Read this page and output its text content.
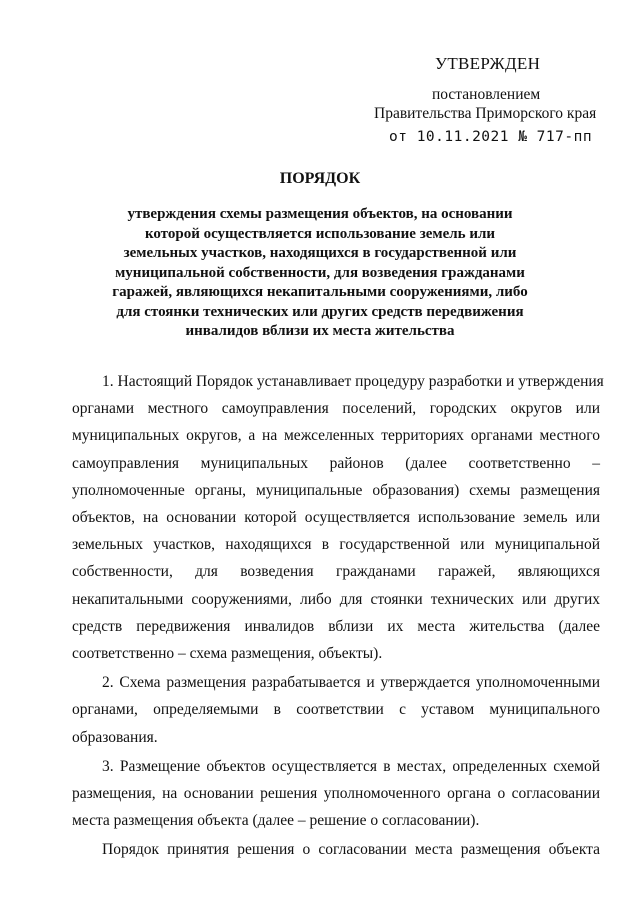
УТВЕРЖДЕН
постановлением
Правительства Приморского края
от 10.11.2021 № 717-пп
ПОРЯДОК
утверждения схемы размещения объектов, на основании
которой осуществляется использование земель или
земельных участков, находящихся в государственной или
муниципальной собственности, для возведения гражданами
гаражей, являющихся некапитальными сооружениями, либо
для стоянки технических или других средств передвижения
инвалидов вблизи их места жительства
1. Настоящий Порядок устанавливает процедуру разработки и утверждения
органами местного самоуправления поселений, городских округов или
муниципальных округов, а на межселенных территориях органами местного
самоуправления муниципальных районов (далее соответственно –
уполномоченные органы, муниципальные образования) схемы размещения
объектов, на основании которой осуществляется использование земель или
земельных участков, находящихся в государственной или муниципальной
собственности, для возведения гражданами гаражей, являющихся
некапитальными сооружениями, либо для стоянки технических или других
средств передвижения инвалидов вблизи их места жительства (далее
соответственно – схема размещения, объекты).
2. Схема размещения разрабатывается и утверждается уполномоченными
органами, определяемыми в соответствии с уставом муниципального
образования.
3. Размещение объектов осуществляется в местах, определенных схемой
размещения, на основании решения уполномоченного органа о согласовании
места размещения объекта (далее – решение о согласовании).
Порядок принятия решения о согласовании места размещения объекта
